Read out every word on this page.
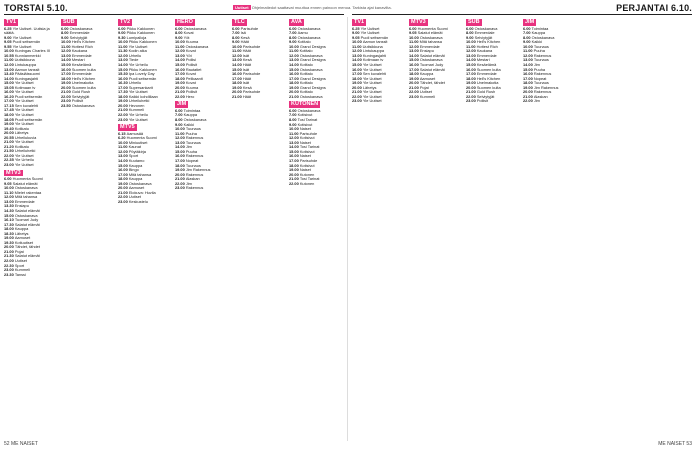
TORSTAI 5.10.	PERJANTAI 6.10.
Uutiset Ohjelmatiedot saattavat muuttua ennen painoon menoa. Tarkista ajat kanavilta.
TV1
6.25 Yle Uutiset. Uutisia ja säätä.
9.00 Yle Uutiset
9.05 Puoli seitsemän
9.55 Yle Uutiset
10.00 Kuningas Charles III
10.55 Kunnianmerkki
11.00 Uutisikkuna
12.00 Lintukauppa
13.00 Aamun tanssit
13.40 Pääsiäissuomi
14.00 Kuningasjahti
15.00 Yle Uutiset
15.05 Kotimaan tv
16.00 Yle Uutiset
16.20 Puoli seitsemän
17.00 Yle Uutiset
17.15 Sen kuvalehti
17.45 Yle Uutiset
18.00 Yle Uutiset
18.05 Puoli seitsemän
19.00 Yle Uutiset
19.40 Kotikatu
20.00 Lähetys
20.55 Urheilukuvia
21.00 Yle Uutiset
21.20 Kotikatu
21.50 Urheiluhetki
22.00 Yle Uutiset
22.35 Yle Urheilu
23.00 Yle Uutiset
MTV3
6.00 Huomenta Suomi
9.05 Salatut elämät
10.00 Ostoskanava
11.10 Mielet rakentaa
12.00 Mitä tahansa
13.00 Emmerdale
13.30 Ensiapu
14.30 Salatut elämät
15.00 Ostoskanava
16.10 Tuomari Judy
17.30 Salatut elämät
18.00 Kauppa
18.30 Lähetys
19.00 Aamuset
19.30 Kotiuutiset
20.00 Tähdet, tähdet
21.00 Pojat
21.30 Salatut elämät
22.00 Uutiset
22.30 Sport
23.00 Kummeli
23.30 Tanssi
SUB
6.00 Ostoskanava
8.00 Emmerdale
9.00 Selviytyjät
10.00 Hell's Kitchen
11.00 Hottest Rich
12.00 Kaukana
13.00 Emmerdale
14.00 Mestari
15.00 Kesäelämä
16.00 Suomen kulta
17.00 Emmerdale
18.00 Hell's Kitchen
19.00 Unelmakotia
20.00 Suomen kulta
21.00 Gold Rush
22.00 Selviytyjät
23.00 Poliisit
23.50 Ostoskanava
TV2
6.00 Pikku Kakkonen
9.00 Pikku Kakkonen
9.30 Lumipalloja
10.00 Pikku Kakkonen
11.00 Yle Uutiset
11.30 Kodin aika
12.00 Urheilu
13.00 Tiede
14.00 Yle Urheilu
15.00 Pikku Kakkonen
15.30 Ipa Lovely Day
16.00 Puoli seitsemän
16.30 Urheilu
17.00 Supersankarit
17.30 Yle Uutiset
18.00 Kaikki kohdillaan
19.00 Urheiluhetki
20.00 Hevonen
21.00 Kummeli
22.00 Yle Urheilu
23.00 Yle Uutiset
MTV5
6.15 Aamusää
6.20 Huomenta Suomi
10.00 Miniuutiset
11.00 Kaunat
12.00 Pöytäkirja
13.00 Sport
14.00 Kuutamo
15.00 Kauppa
16.00 Bingo
17.00 Mitä tahansa
18.00 Kauppa
19.00 Ostoskanava
20.00 Aamuset
21.00 Elokuva: Huvila
22.00 Uutiset
23.00 Keskustelu
HERO
6.00 Ostoskanava
8.00 Kovat
9.00 Yöt
10.00 Kuuma
11.00 Ostoskanava
12.00 Kovat
13.00 Yöt
14.00 Poliisi
15.00 Poliisit
16.00 Rautatiet
17.00 Kovat
18.00 Pelikaanit
19.00 Kovat
20.00 Kuuma
21.00 Poliisit
22.00 Hero
JIM
6.00 Toimintaa
7.00 Kauppa
8.00 Ostoskanava
9.00 Kaikki
10.00 Tuunaus
11.00 Puuha
12.00 Rakennus
13.00 Tuunaus
14.00 Jim
15.00 Puuha
16.00 Rakennus
17.00 Nopeat
18.00 Tuunaus
19.00 Jim Rakennus
20.00 Rakennus
21.00 Alaskan
22.00 Jim
23.00 Rakennus
TLC
6.00 Parisuhde
7.00 Isä
8.00 Kesä
9.00 Häät
10.00 Parisuhde
11.00 Häät
12.00 Isät
13.00 Kesä
14.00 Häät
15.00 Isät
16.00 Parisuhde
17.00 Häät
18.00 Isät
19.00 Kesä
20.00 Parisuhde
21.00 Häät
AVA
6.00 Ostoskanava
7.00 Aamu
8.00 Ostoskanava
9.00 Kotitalo
10.00 Grand Designs
11.00 Kotitalo
12.00 Ostoskanava
13.00 Grand Designs
14.00 Kotitalo
15.00 Ostoskanava
16.00 Kotitalo
17.00 Grand Designs
18.00 Kotitalo
19.00 Grand Designs
20.00 Kotitalo
21.00 Ostoskanava
KUTONEN
6.00 Ostoskanava
7.00 Kotisivut
8.00 Tosi Tarinat
9.00 Kotisivut
10.00 Naiset
11.00 Parisuhde
12.00 Kotisivut
13.00 Naiset
14.00 Tosi Tarinat
15.00 Kotisivut
16.00 Naiset
17.00 Parisuhde
18.00 Kotisivut
19.00 Naiset
20.00 Kutonen
21.00 Tosi Tarinat
22.00 Kutonen
TV1
6.25 Yle Uutiset
9.00 Yle Uutiset
9.05 Puoli seitsemän
10.00 Aamun tanssit
11.00 Uutisikkuna
12.00 Lintukauppa
13.00 Kuningasjahti
14.00 Kotimaan tv
15.00 Yle Uutiset
16.00 Yle Uutiset
17.00 Sen kuvalehti
18.00 Yle Uutiset
19.00 Yle Uutiset
20.00 Lähetys
21.00 Yle Uutiset
22.00 Yle Uutiset
23.00 Yle Uutiset
MTV3
6.00 Huomenta Suomi
9.05 Salatut elämät
10.00 Ostoskanava
11.00 Mitä tahansa
12.00 Emmerdale
13.00 Ensiapu
14.00 Salatut elämät
15.00 Ostoskanava
16.00 Tuomari Judy
17.00 Salatut elämät
18.00 Kauppa
19.00 Aamuset
20.00 Tähdet, tähdet
21.00 Pojat
22.00 Uutiset
23.00 Kummeli
SUB
6.00 Ostoskanava
8.00 Emmerdale
9.00 Selviytyjät
10.00 Hell's Kitchen
11.00 Hottest Rich
12.00 Kaukana
13.00 Emmerdale
14.00 Mestari
15.00 Kesäelämä
16.00 Suomen kulta
17.00 Emmerdale
18.00 Hell's Kitchen
19.00 Unelmakotia
20.00 Suomen kulta
21.00 Gold Rush
22.00 Selviytyjät
23.00 Poliisit
JIM
6.00 Toimintaa
7.00 Kauppa
8.00 Ostoskanava
9.00 Kaikki
10.00 Tuunaus
11.00 Puuha
12.00 Rakennus
13.00 Tuunaus
14.00 Jim
15.00 Puuha
16.00 Rakennus
17.00 Nopeat
18.00 Tuunaus
19.00 Jim Rakennus
20.00 Rakennus
21.00 Alaskan
22.00 Jim
52 ME NAISET	ME NAISET 53
